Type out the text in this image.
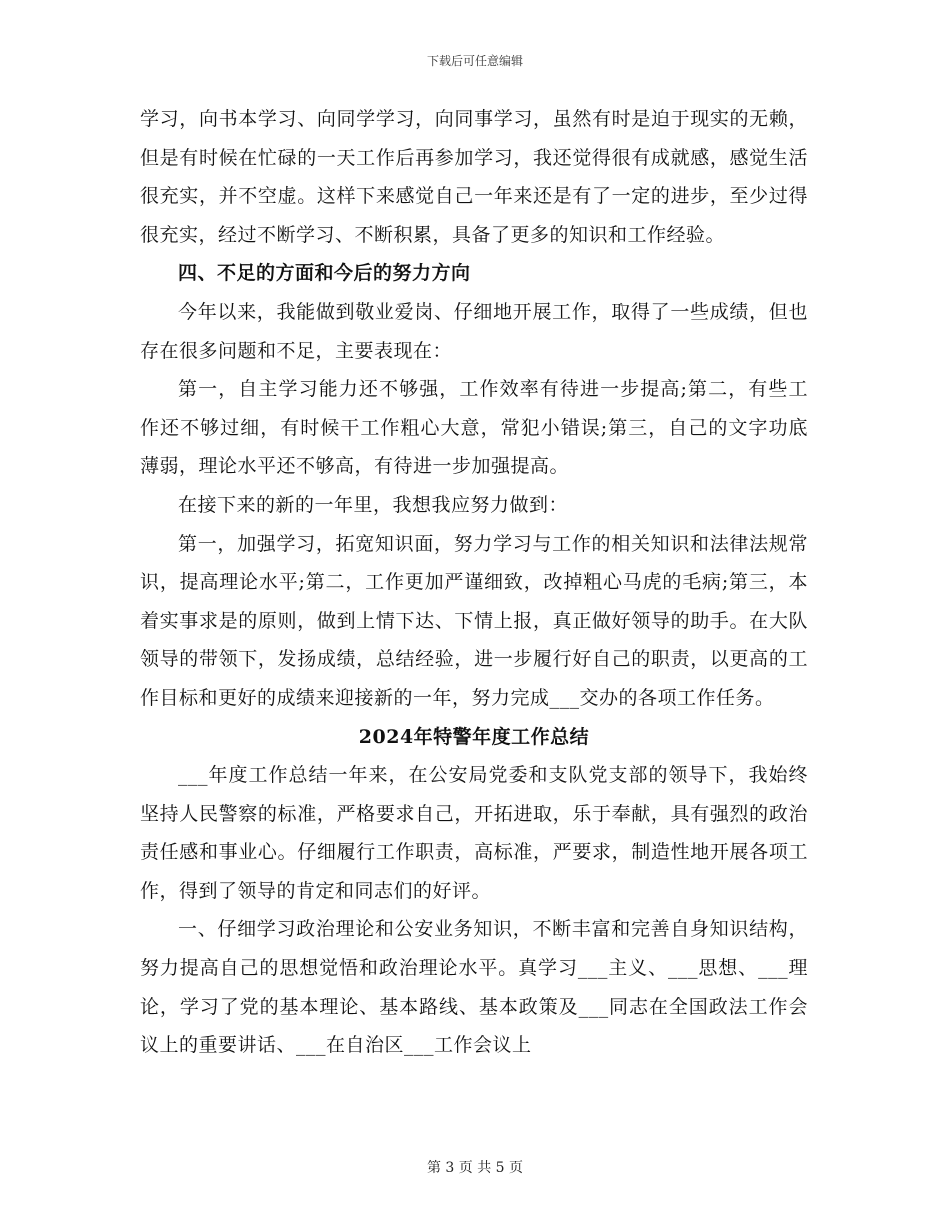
下载后可任意编辑

学习，向书本学习、向同学学习，向同事学习，虽然有时是迫于现实的无赖，但是有时候在忙碌的一天工作后再参加学习，我还觉得很有成就感，感觉生活很充实，并不空虚。这样下来感觉自己一年来还是有了一定的进步，至少过得很充实，经过不断学习、不断积累，具备了更多的知识和工作经验。

四、不足的方面和今后的努力方向

今年以来，我能做到敬业爱岗、仔细地开展工作，取得了一些成绩，但也存在很多问题和不足，主要表现在：

第一，自主学习能力还不够强，工作效率有待进一步提高;第二，有些工作还不够过细，有时候干工作粗心大意，常犯小错误;第三，自己的文字功底薄弱，理论水平还不够高，有待进一步加强提高。

在接下来的新的一年里，我想我应努力做到：

第一，加强学习，拓宽知识面，努力学习与工作的相关知识和法律法规常识，提高理论水平;第二，工作更加严谨细致，改掉粗心马虎的毛病;第三，本着实事求是的原则，做到上情下达、下情上报，真正做好领导的助手。在大队领导的带领下，发扬成绩，总结经验，进一步履行好自己的职责，以更高的工作目标和更好的成绩来迎接新的一年，努力完成___交办的各项工作任务。

2024年特警年度工作总结

___年度工作总结一年来，在公安局党委和支队党支部的领导下，我始终坚持人民警察的标准，严格要求自己，开拓进取，乐于奉献，具有强烈的政治责任感和事业心。仔细履行工作职责，高标准，严要求，制造性地开展各项工作，得到了领导的肯定和同志们的好评。

一、仔细学习政治理论和公安业务知识，不断丰富和完善自身知识结构，努力提高自己的思想觉悟和政治理论水平。真学习___主义、___思想、___理论，学习了党的基本理论、基本路线、基本政策及___同志在全国政法工作会议上的重要讲话、___在自治区___工作会议上

第 3 页 共 5 页
